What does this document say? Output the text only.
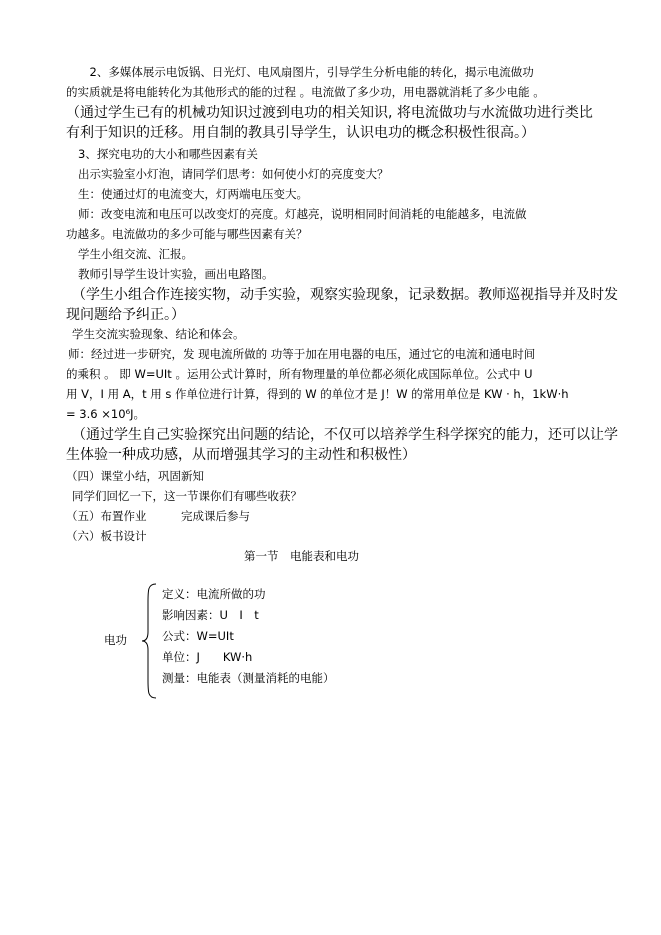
　2、多媒体展示电饭锅、日光灯、电风扇图片，引导学生分析电能的转化，揭示电流做功
的实质就是将电能转化为其他形式的能的过程 。电流做了多少功，用电器就消耗了多少电能 。
（通过学生已有的机械功知识过渡到电功的相关知识, 将电流做功与水流做功进行类比
有利于知识的迁移。用自制的教具引导学生，认识电功的概念积极性很高。）
3、探究电功的大小和哪些因素有关
出示实验室小灯泡，请同学们思考：如何使小灯的亮度变大？
生：使通过灯的电流变大，灯两端电压变大。
师：改变电流和电压可以改变灯的亮度。灯越亮，说明相同时间消耗的电能越多，电流做
功越多。电流做功的多少可能与哪些因素有关？
学生小组交流、汇报。
教师引导学生设计实验，画出电路图。
（学生小组合作连接实物，动手实验，观察实验现象，记录数据。教师巡视指导并及时发
现问题给予纠正。）
学生交流实验现象、结论和体会。
师：经过进一步研究，发 现电流所做的 功等于加在用电器的电压，通过它的电流和通电时间
的乘积 。 即 W=UIt 。运用公式计算时，所有物理量的单位都必须化成国际单位。公式中 U
用 V，I 用 A，t 用 s 作单位进行计算，得到的 W 的单位才是 J！W 的常用单位是 KW · h，1kW·h
= 3.6 ×10⁶J。
（通过学生自己实验探究出问题的结论，不仅可以培养学生科学探究的能力，还可以让学
生体验一种成功感，从而增强其学习的主动性和积极性）
（四）课堂小结，巩固新知
同学们回忆一下，这一节课你们有哪些收获？
（五）布置作业　　　完成课后参与
（六）板书设计
第一节　电能表和电功
电功
定义：电流所做的功
影响因素：U　I　t
公式：W=UIt
单位：J　　KW·h
测量：电能表（测量消耗的电能）
